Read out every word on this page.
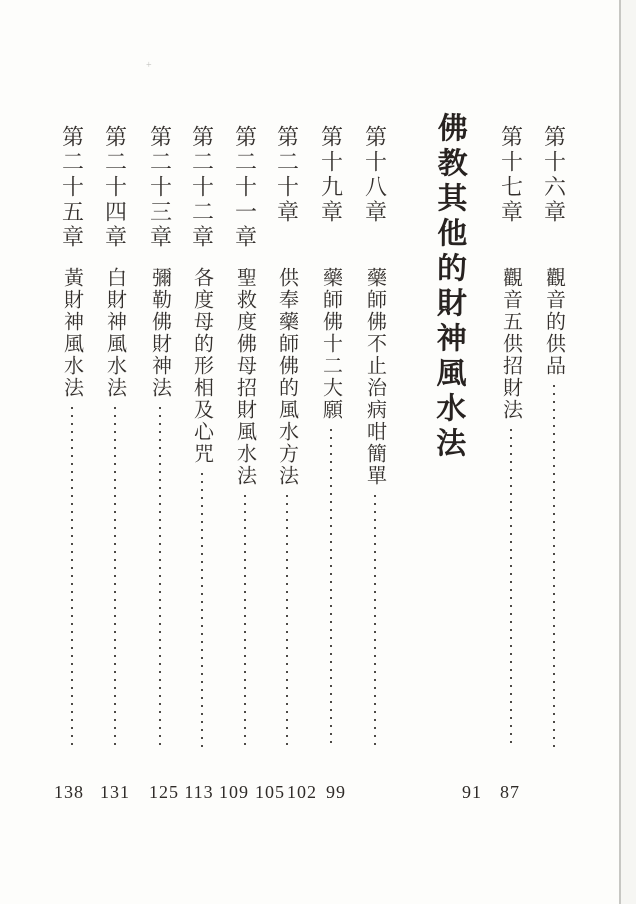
+
佛教其他的財神風水法	第十六章
觀音的供品
第十七章
觀音五供招財法
第十八章
藥師佛不止治病咁簡單
第十九章
藥師佛十二大願
第二十章
供奉藥師佛的風水方法
第二十一章
聖救度佛母招財風水法
第二十二章
各度母的形相及心咒
第二十三章
彌勒佛財神法
第二十四章
白財神風水法
第二十五章
黃財神風水法
87
91
99
102
105
109
113
125
131
138
